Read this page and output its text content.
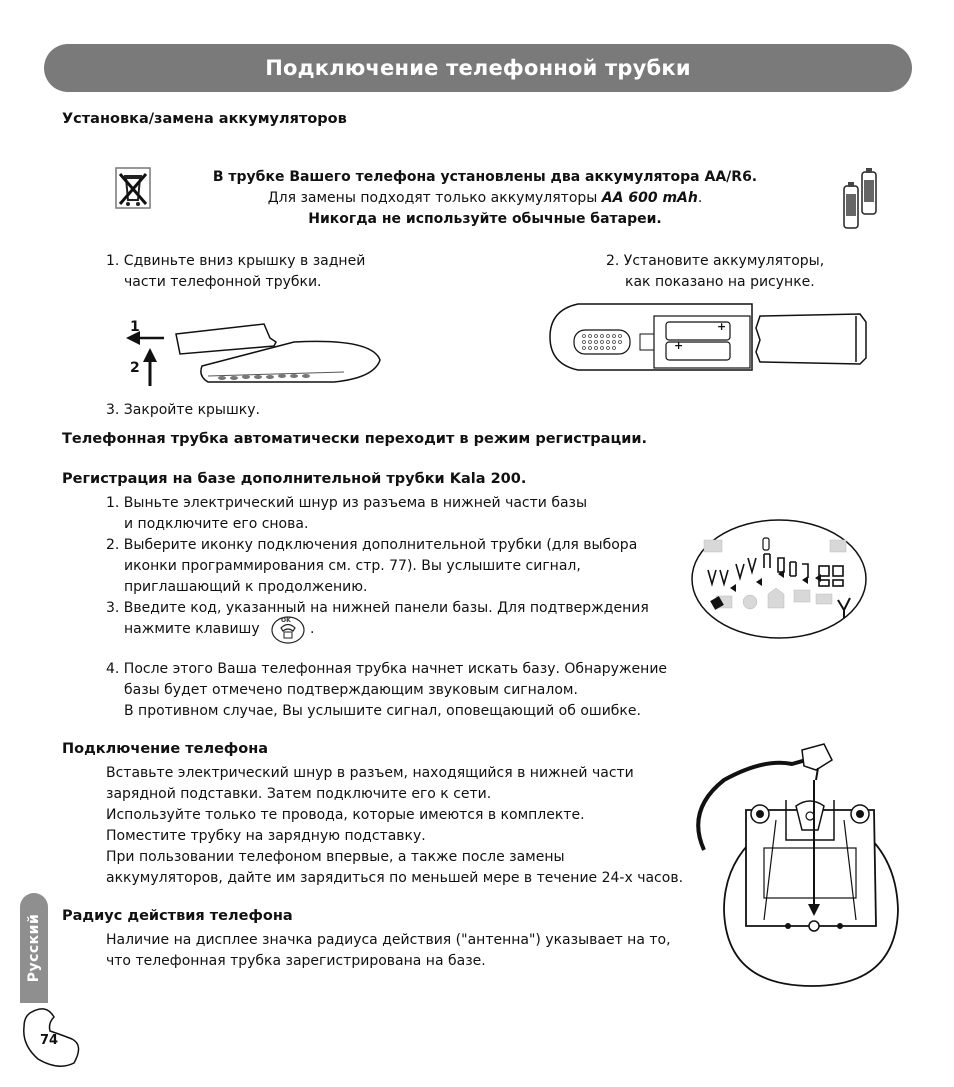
Подключение телефонной трубки
Установка/замена аккумуляторов
В трубке Вашего телефона установлены два аккумулятора AA/R6.
Для замены подходят только аккумуляторы AA 600 mAh.
Никогда не используйте обычные батареи.
1. Сдвиньте вниз крышку в задней
части телефонной трубки.
2. Установите аккумуляторы,
как показано на рисунке.
1
2
+
+
3. Закройте крышку.
Телефонная трубка автоматически переходит в режим регистрации.
Регистрация на базе дополнительной трубки Kala 200.
1. Выньте электрический шнур из разъема в нижней части базы
и подключите его снова.
2. Выберите иконку подключения дополнительной трубки (для выбора
иконки программирования см. стр. 77). Вы услышите сигнал,
приглашающий к продолжению.
3. Введите код, указанный на нижней панели базы. Для подтверждения
нажмите клавишу
OK
.
4. После этого Ваша телефонная трубка начнет искать базу. Обнаружение
базы будет отмечено подтверждающим звуковым сигналом.
В противном случае, Вы услышите сигнал, оповещающий об ошибке.
Подключение телефона
Вставьте электрический шнур в разъем, находящийся в нижней части
зарядной подставки. Затем подключите его к сети.
Используйте только те провода, которые имеются в комплекте.
Поместите трубку на зарядную подставку.
При пользовании телефоном впервые, а также после замены
аккумуляторов, дайте им зарядиться по меньшей мере в течение 24-х часов.
Радиус действия телефона
Наличие на дисплее значка радиуса действия ("антенна") указывает на то,
что телефонная трубка зарегистрирована на базе.
Русский
74
